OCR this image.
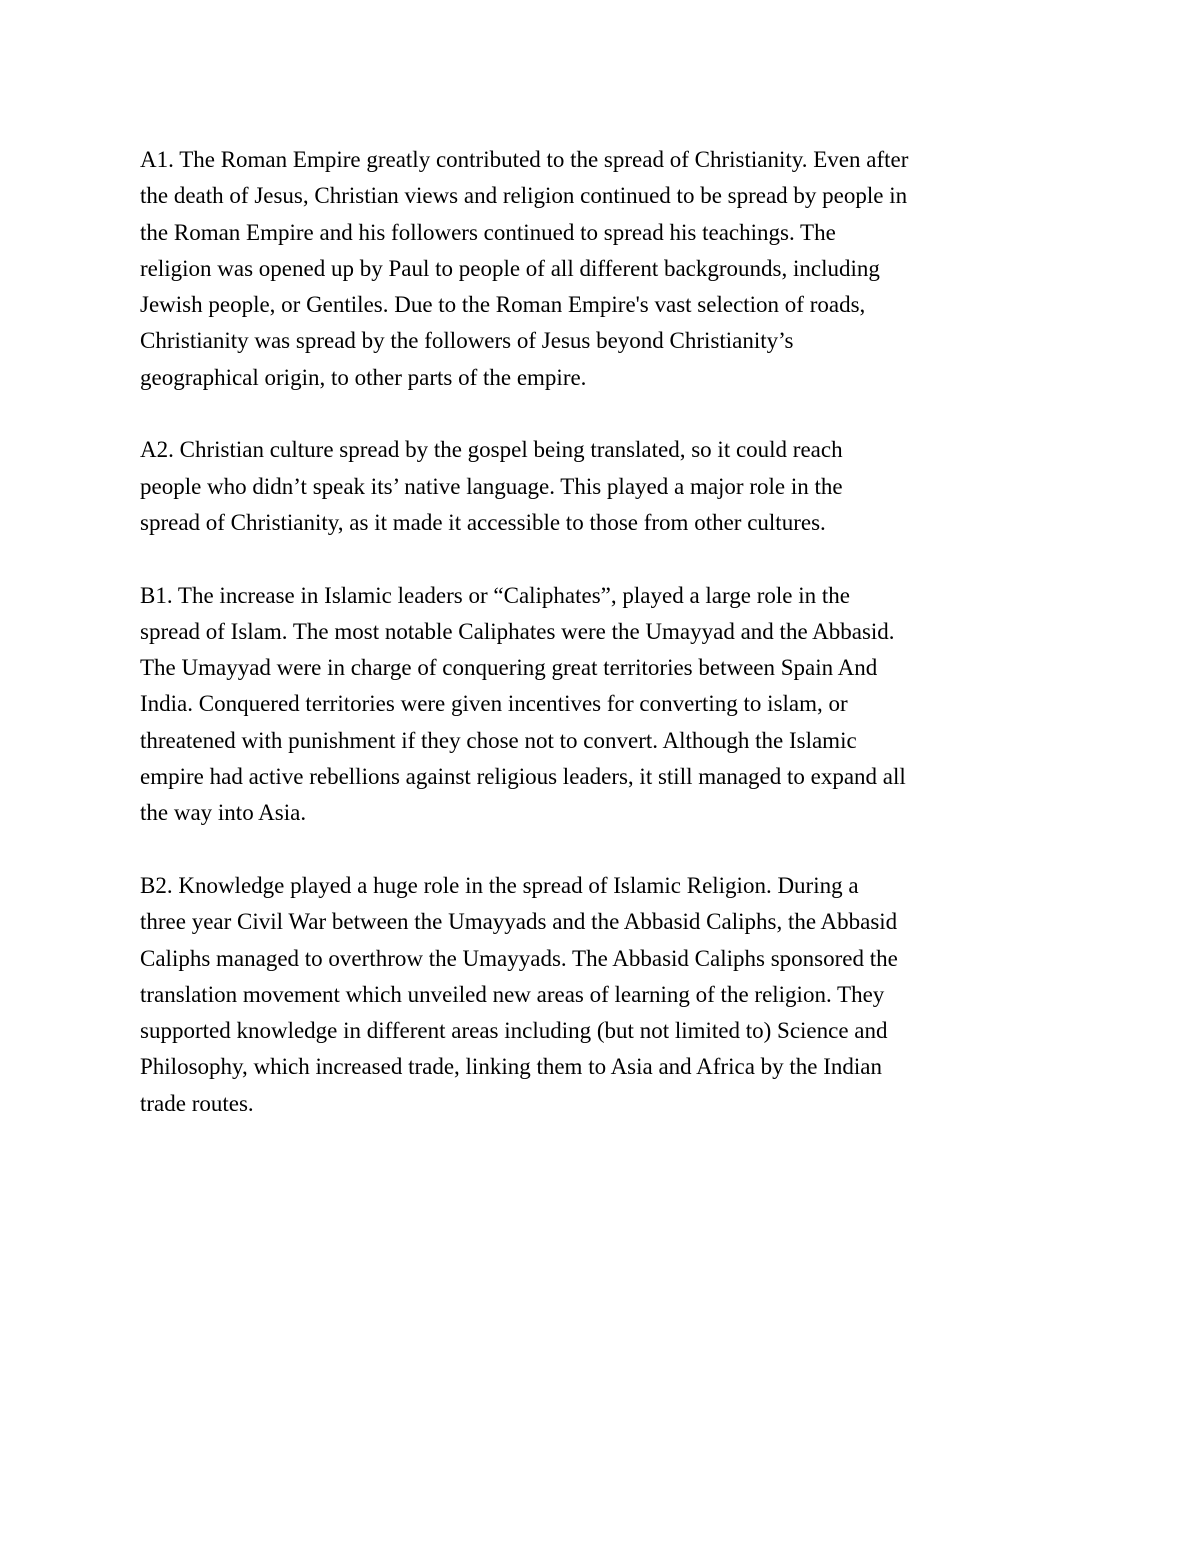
A1. The Roman Empire greatly contributed to the spread of Christianity. Even after
the death of Jesus, Christian views and religion continued to be spread by people in
the Roman Empire and his followers continued to spread his teachings. The
religion was opened up by Paul to people of all different backgrounds, including
Jewish people, or Gentiles. Due to the Roman Empire's vast selection of roads,
Christianity was spread by the followers of Jesus beyond Christianity’s
geographical origin, to other parts of the empire.

A2. Christian culture spread by the gospel being translated, so it could reach
people who didn’t speak its’ native language. This played a major role in the
spread of Christianity, as it made it accessible to those from other cultures.

B1. The increase in Islamic leaders or “Caliphates”, played a large role in the
spread of Islam. The most notable Caliphates were the Umayyad and the Abbasid.
The Umayyad were in charge of conquering great territories between Spain And
India. Conquered territories were given incentives for converting to islam, or
threatened with punishment if they chose not to convert. Although the Islamic
empire had active rebellions against religious leaders, it still managed to expand all
the way into Asia.

B2. Knowledge played a huge role in the spread of Islamic Religion. During a
three year Civil War between the Umayyads and the Abbasid Caliphs, the Abbasid
Caliphs managed to overthrow the Umayyads. The Abbasid Caliphs sponsored the
translation movement which unveiled new areas of learning of the religion. They
supported knowledge in different areas including (but not limited to) Science and
Philosophy, which increased trade, linking them to Asia and Africa by the Indian
trade routes.
